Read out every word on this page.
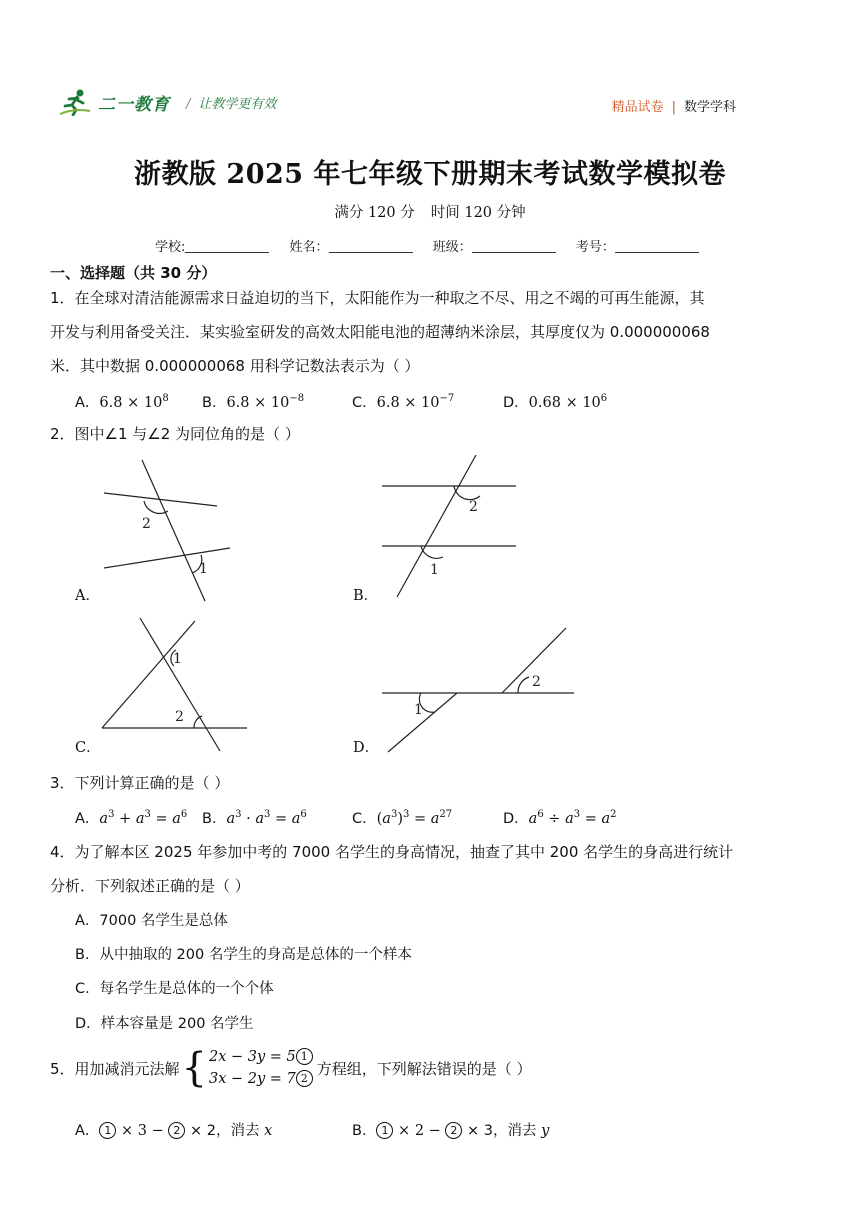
二一教育 / 让教学更有效	精品试卷 | 数学学科
浙教版 2025 年七年级下册期末考试数学模拟卷
满分 120 分 时间 120 分钟
学校:	姓名：	班级：	考号：
一、选择题（共 30 分）
1．在全球对清洁能源需求日益迫切的当下，太阳能作为一种取之不尽、用之不竭的可再生能源，其
开发与利用备受关注．某实验室研发的高效太阳能电池的超薄纳米涂层，其厚度仅为 0.000000068
米．其中数据 0.000000068 用科学记数法表示为（ ）
A．$6.8 \times 10^8$ B．$6.8 \times 10^{-8}$	C．$6.8 \times 10^{-7}$	D．$0.68 \times 10^6$
2．图中∠1 与∠2 为同位角的是（ ）
2
1
2
1
1
2	1
2
A．	B．
C．	D．
3．下列计算正确的是（ ）
A．$a^3 + a^3 = a^6$ B．$a^3 \cdot a^3 = a^6$	C．$(a^3)^3 = a^{27}$	D．$a^6 \div a^3 = a^2$
4．为了解本区 2025 年参加中考的 7000 名学生的身高情况，抽查了其中 200 名学生的身高进行统计
分析．下列叙述正确的是（ ）
A．7000 名学生是总体
B．从中抽取的 200 名学生的身高是总体的一个样本
C．每名学生是总体的一个个体
D．样本容量是 200 名学生
5．用加减消元法解 { 2x − 3y = 5 1
3x − 2y = 7 2
方程组，下列解法错误的是（ ）
A． 1 × 3 − 2 × 2，消去 x	B． 1 × 2 − 2 × 3，消去 y
